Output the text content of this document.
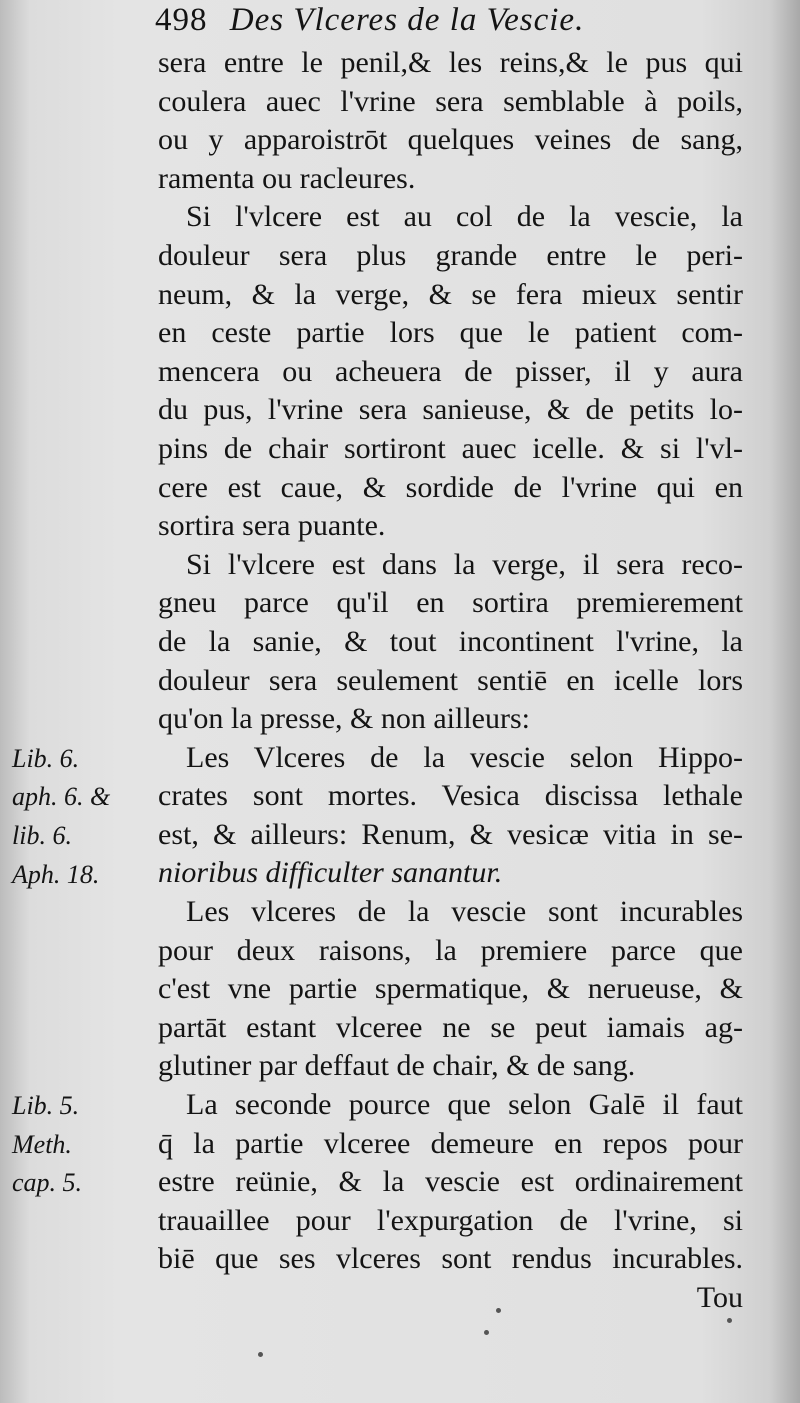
498 Des Vlceres de la Vescie.
sera entre le penil,& les reins,& le pus qui
coulera auec l'vrine sera semblable à poils,
ou y apparoistrōt quelques veines de sang,
ramenta ou racleures.
Si l'vlcere est au col de la vescie, la
douleur sera plus grande entre le peri-
neum, & la verge, & se fera mieux sentir
en ceste partie lors que le patient com-
mencera ou acheuera de pisser, il y aura
du pus, l'vrine sera sanieuse, & de petits lo-
pins de chair sortiront auec icelle. & si l'vl-
cere est caue, & sordide de l'vrine qui en
sortira sera puante.
Si l'vlcere est dans la verge, il sera reco-
gneu parce qu'il en sortira premierement
de la sanie, & tout incontinent l'vrine, la
douleur sera seulement sentiē en icelle lors
qu'on la presse, & non ailleurs:
Les Vlceres de la vescie selon Hippo-
crates sont mortes. Vesica discissa lethale
est, & ailleurs: Renum, & vesicæ vitia in se-
nioribus difficulter sanantur.
Les vlceres de la vescie sont incurables
pour deux raisons, la premiere parce que
c'est vne partie spermatique, & nerueuse, &
partāt estant vlceree ne se peut iamais ag-
glutiner par deffaut de chair, & de sang.
La seconde pource que selon Galē il faut
q̄ la partie vlceree demeure en repos pour
estre reünie, & la vescie est ordinairement
trauaillee pour l'expurgation de l'vrine, si
biē que ses vlceres sont rendus incurables.
Tou
Lib. 6.
aph. 6. &
lib. 6.
Aph. 18.
Lib. 5.
Meth.
cap. 5.
